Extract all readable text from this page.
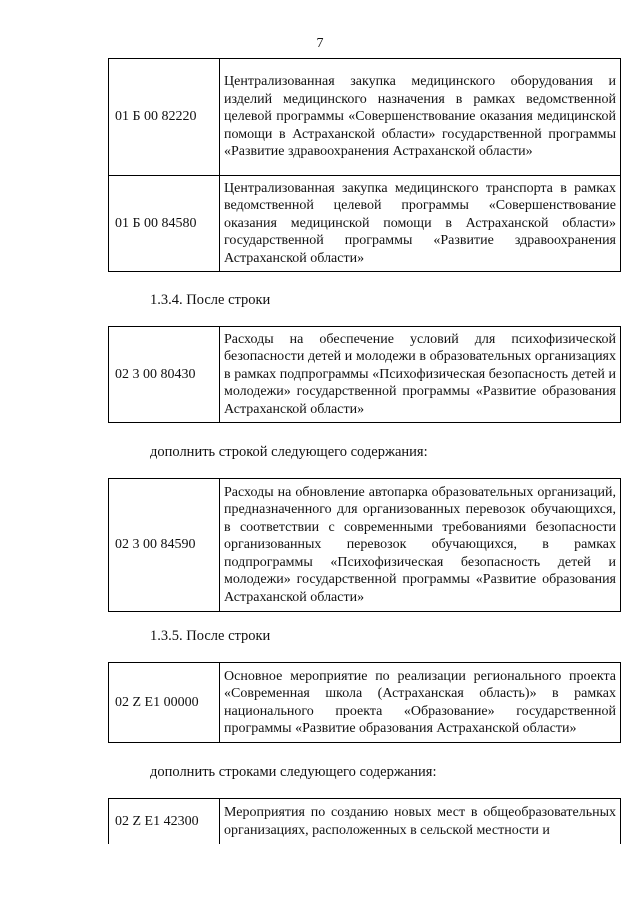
7
01 Б 00 82220	Централизованная закупка медицинского оборудования и изделий медицинского назначения в рамках ведомственной целевой программы «Совершенствование оказания медицинской помощи в Астраханской области» государственной программы «Развитие здравоохранения Астраханской области»
01 Б 00 84580	Централизованная закупка медицинского транспорта в рамках ведомственной целевой программы «Совершенствование оказания медицинской помощи в Астраханской области» государственной программы «Развитие здравоохранения Астраханской области»
1.3.4. После строки
02 3 00 80430	Расходы на обеспечение условий для психофизической безопасности детей и молодежи в образовательных организациях в рамках подпрограммы «Психофизическая безопасность детей и молодежи» государственной программы «Развитие образования Астраханской области»
дополнить строкой следующего содержания:
02 3 00 84590	Расходы на обновление автопарка образовательных организаций, предназначенного для организованных перевозок обучающихся, в соответствии с современными требованиями безопасности организованных перевозок обучающихся, в рамках подпрограммы «Психофизическая безопасность детей и молодежи» государственной программы «Развитие образования Астраханской области»
1.3.5. После строки
02 Z E1 00000	Основное мероприятие по реализации регионального проекта «Современная школа (Астраханская область)» в рамках национального проекта «Образование» государственной программы «Развитие образования Астраханской области»
дополнить строками следующего содержания:
02 Z E1 42300	Мероприятия по созданию новых мест в общеобразовательных организациях, расположенных в сельской местности и
